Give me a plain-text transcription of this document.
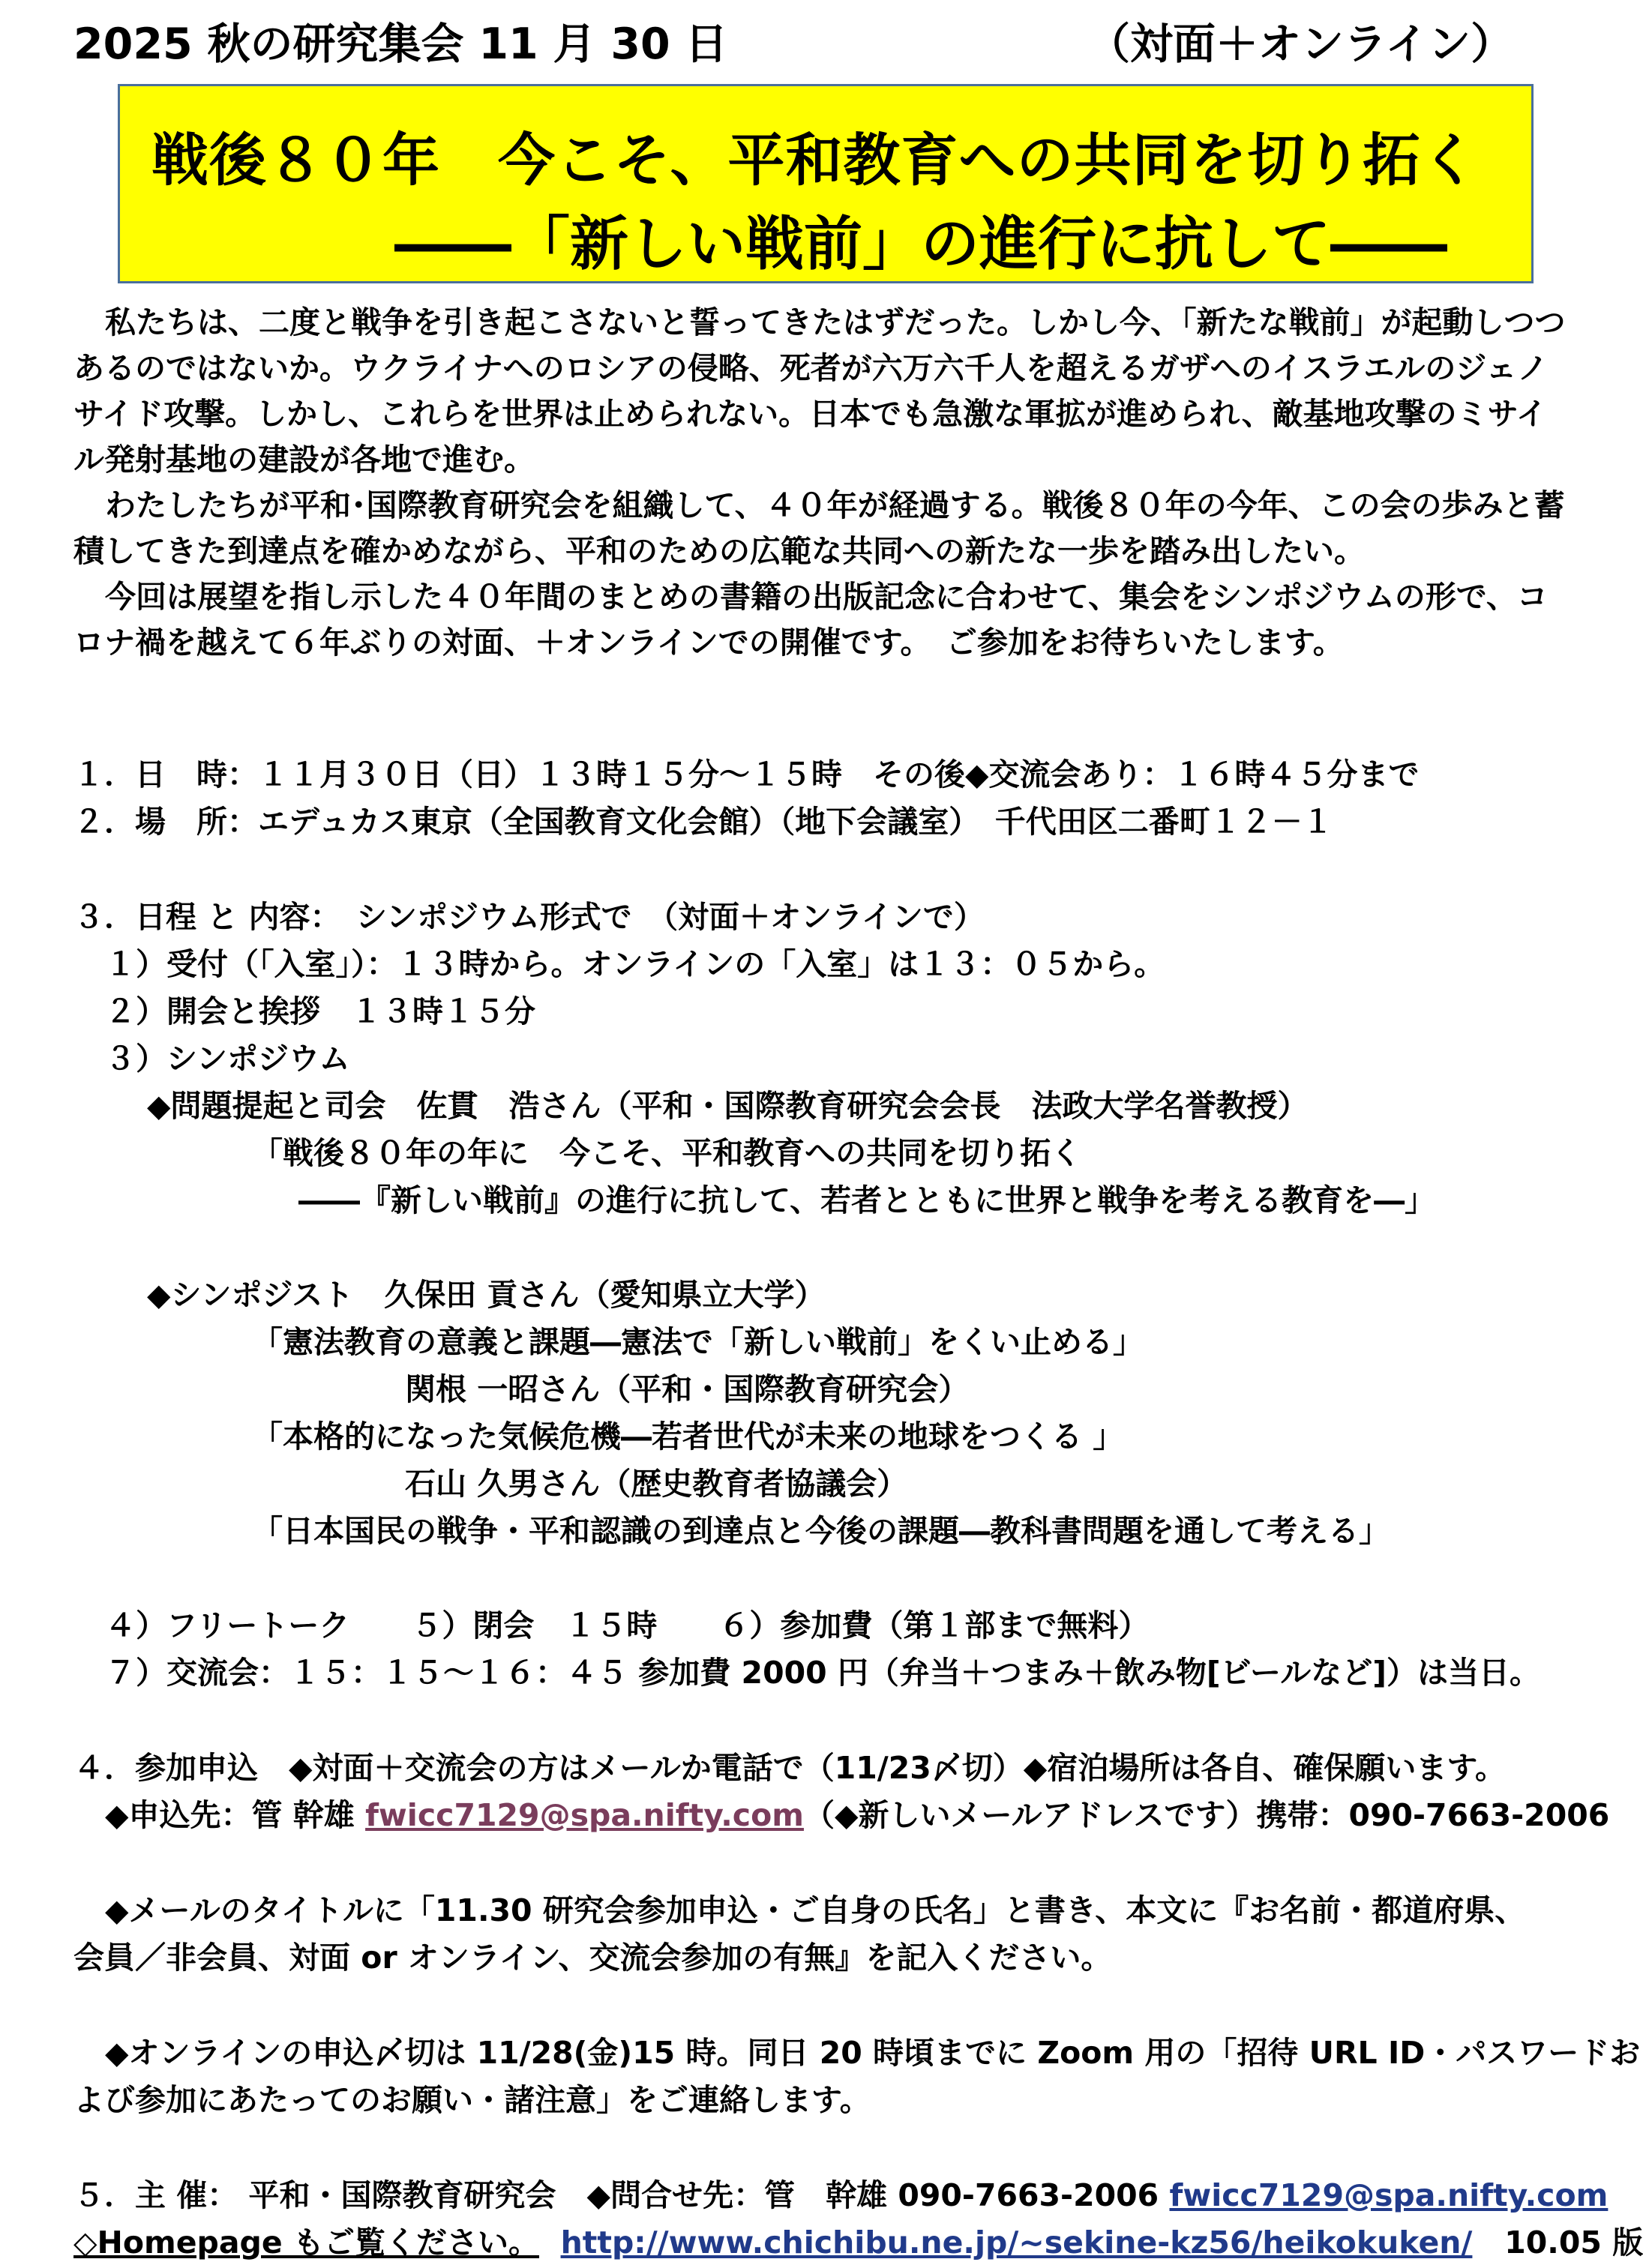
2025 秋の研究集会 11 月 30 日	（対面＋オンライン）
戦後８０年　今こそ、平和教育への共同を切り拓く
――「新しい戦前」の進行に抗して――

私たちは、二度と戦争を引き起こさないと誓ってきたはずだった。しかし今、「新たな戦前」が起動しつつあるのではないか。ウクライナへのロシアの侵略、死者が六万六千人を超えるガザへのイスラエルのジェノサイド攻撃。しかし、これらを世界は止められない。日本でも急激な軍拡が進められ、敵基地攻撃のミサイル発射基地の建設が各地で進む。

わたしたちが平和･国際教育研究会を組織して、４０年が経過する。戦後８０年の今年、この会の歩みと蓄積してきた到達点を確かめながら、平和のための広範な共同への新たな一歩を踏み出したい。

今回は展望を指し示した４０年間のまとめの書籍の出版記念に合わせて、集会をシンポジウムの形で、コロナ禍を越えて６年ぶりの対面、＋オンラインでの開催です。　ご参加をお待ちいたします。

１．日　時：１１月３０日（日）１３時１５分～１５時　その後◆交流会あり：１６時４５分まで
２．場　所：エデュカス東京（全国教育文化会館）（地下会議室）　千代田区二番町１２－１
３．日程 と 内容：　シンポジウム形式で　（対面＋オンラインで）
１）受付（｢入室｣）：１３時から。オンラインの「入室」は１３：０５から。
２）開会と挨拶　１３時１５分
３）シンポジウム
◆問題提起と司会　佐貫　浩さん（平和・国際教育研究会会長　法政大学名誉教授）
「戦後８０年の年に　今こそ、平和教育への共同を切り拓く
――『新しい戦前』の進行に抗して、若者とともに世界と戦争を考える教育を―」
◆シンポジスト　久保田 貢さん（愛知県立大学）
「憲法教育の意義と課題―憲法で「新しい戦前」をくい止める」
関根 一昭さん（平和・国際教育研究会）
「本格的になった気候危機―若者世代が未来の地球をつくる 」
石山 久男さん（歴史教育者協議会）
「日本国民の戦争・平和認識の到達点と今後の課題―教科書問題を通して考える」
４）フリートーク　　５）閉会　１５時　　６）参加費（第１部まで無料）
７）交流会：１５：１５～１６：４５ 参加費 2000 円（弁当＋つまみ＋飲み物[ビールなど]）は当日。
４．参加申込　◆対面＋交流会の方はメールか電話で（11/23〆切）◆宿泊場所は各自、確保願います。
◆申込先：管 幹雄 fwicc7129@spa.nifty.com（◆新しいメールアドレスです）携帯：090-7663-2006
◆メールのタイトルに「11.30 研究会参加申込・ご自身の氏名」と書き、本文に『お名前・都道府県、
会員／非会員、対面 or オンライン、交流会参加の有無』を記入ください。
◆オンラインの申込〆切は 11/28(金)15 時。同日 20 時頃までに Zoom 用の「招待 URL ID・パスワードお
よび参加にあたってのお願い・諸注意」をご連絡します。
５．主 催： 平和・国際教育研究会　◆問合せ先：管　幹雄 090-7663-2006 fwicc7129@spa.nifty.com
◇Homepage もご覧ください。 http://www.chichibu.ne.jp/~sekine-kz56/heikokuken/ 10.05 版
